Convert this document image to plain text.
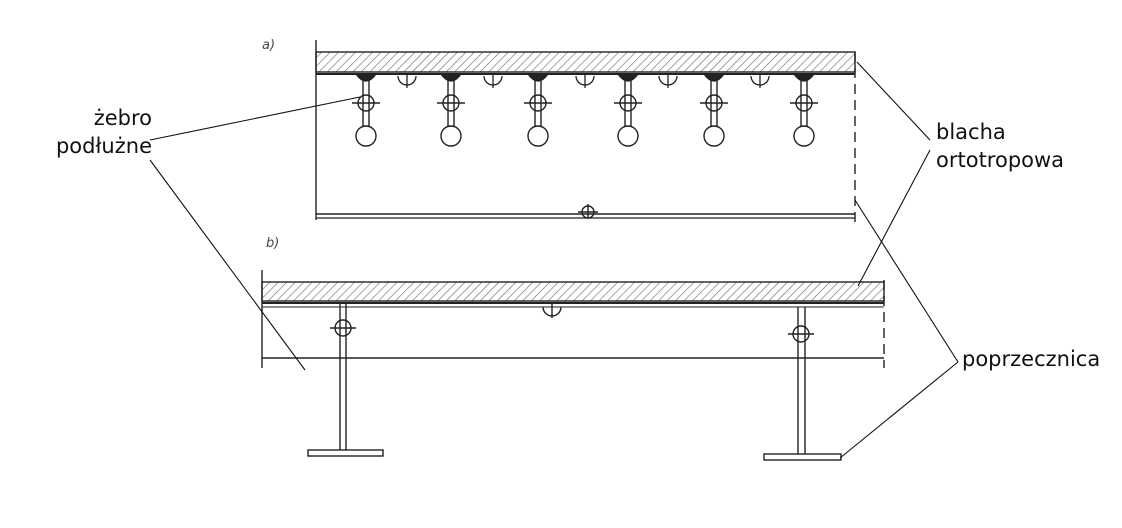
a)
b)
żebro
podłużne
blacha
ortotropowa
poprzecznica
